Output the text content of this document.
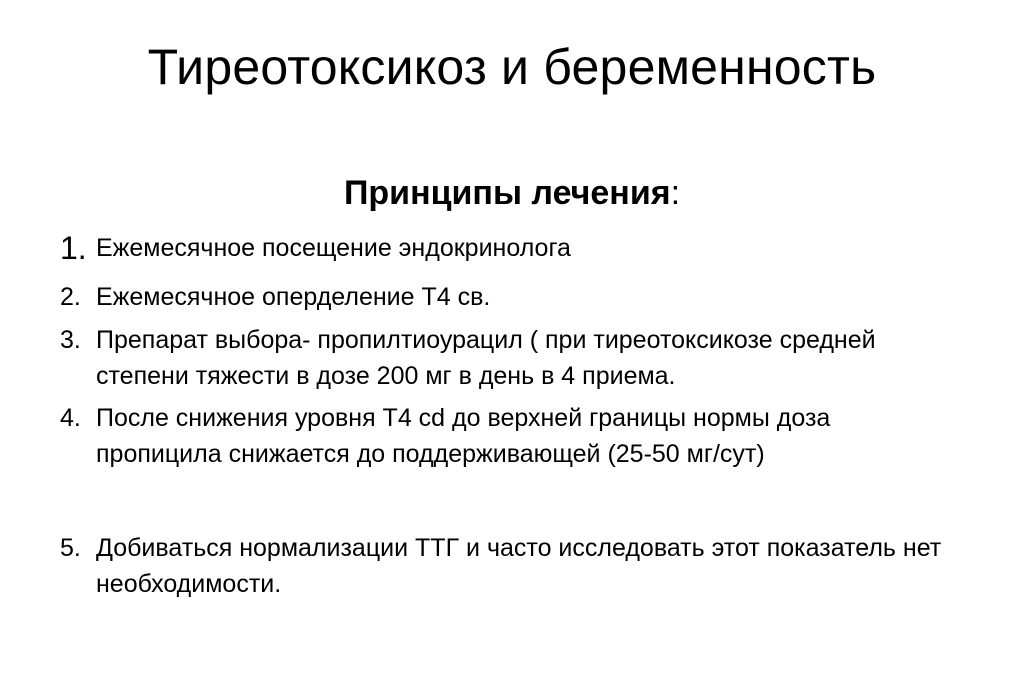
Тиреотоксикоз и беременность
Принципы лечения:
1. Ежемесячное посещение эндокринолога
2. Ежемесячное оперделение Т4 св.
3. Препарат выбора- пропилтиоурацил ( при тиреотоксикозе средней степени тяжести в дозе 200 мг в день в 4 приема.
4. После снижения уровня Т4 cd до верхней границы нормы доза пропицила снижается до поддерживающей (25-50 мг/сут)
5. Добиваться нормализации ТТГ и часто исследовать этот показатель нет необходимости.
